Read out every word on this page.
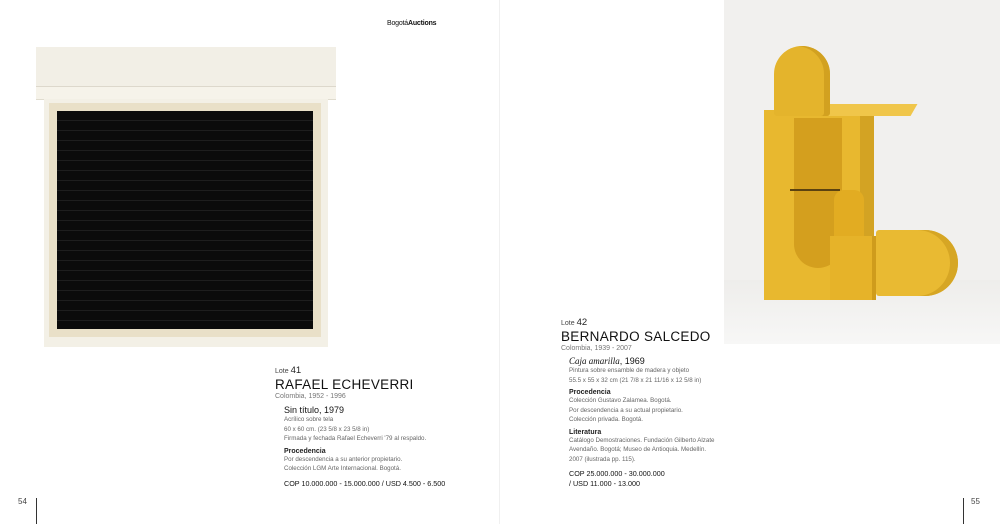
BogotáAuctions
Lote 41
RAFAEL ECHEVERRI
Colombia, 1952 - 1996
Sin título, 1979
Acrílico sobre tela
60 x 60 cm. (23 5/8 x 23 5/8 in)
Firmada y fechada Rafael Echeverri '79 al respaldo.
Procedencia
Por descendencia a su anterior propietario.
Colección LGM Arte Internacional. Bogotá.
COP 10.000.000 - 15.000.000 / USD 4.500 - 6.500
Lote 42
BERNARDO SALCEDO
Colombia, 1939 - 2007
Caja amarilla, 1969
Pintura sobre ensamble de madera y objeto
55.5 x 55 x 32 cm (21 7/8 x 21 11/16 x 12 5/8 in)
Procedencia
Colección Gustavo Zalamea. Bogotá.
Por descendencia a su actual propietario.
Colección privada. Bogotá.
Literatura
Catálogo Demostraciones. Fundación Gilberto Alzate
Avendaño. Bogotá; Museo de Antioquia. Medellín.
2007 (ilustrada pp. 115).
COP 25.000.000 - 30.000.000
/ USD 11.000 - 13.000
54	55
